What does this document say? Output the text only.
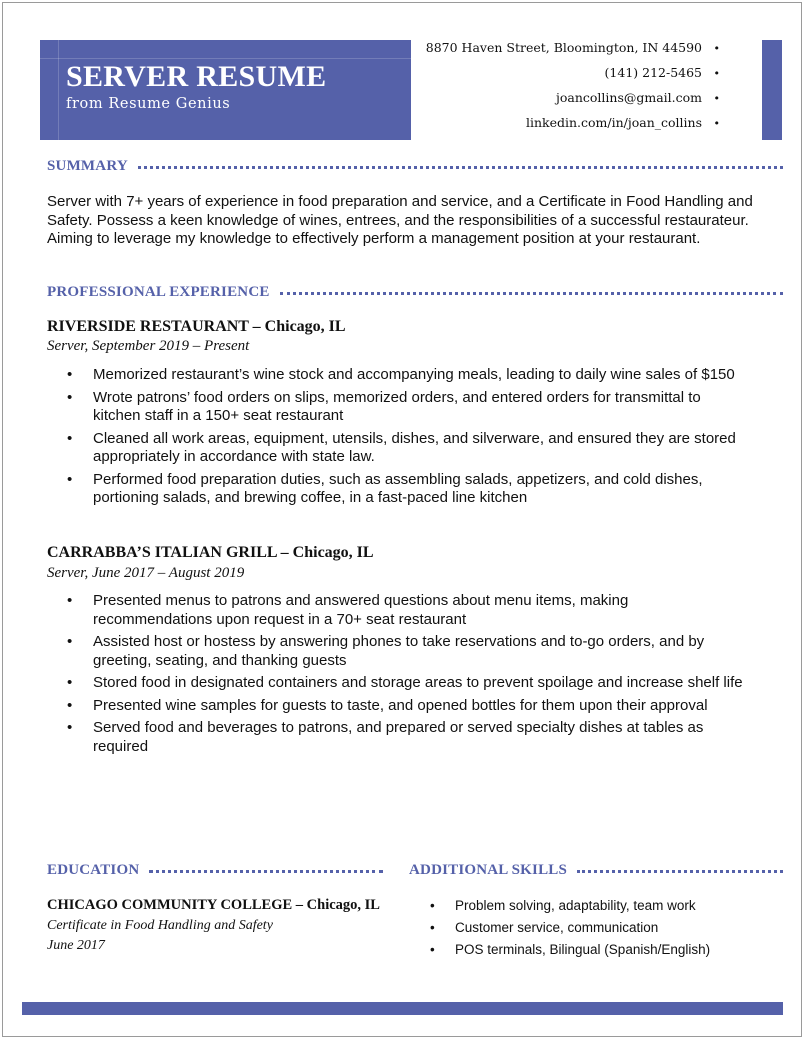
SERVER RESUME
from Resume Genius
8870 Haven Street, Bloomington, IN 44590 •
(141) 212-5465 •
joancollins@gmail.com •
linkedin.com/in/joan_collins •
SUMMARY
Server with 7+ years of experience in food preparation and service, and a Certificate in Food Handling and Safety. Possess a keen knowledge of wines, entrees, and the responsibilities of a successful restaurateur. Aiming to leverage my knowledge to effectively perform a management position at your restaurant.
PROFESSIONAL EXPERIENCE
RIVERSIDE RESTAURANT – Chicago, IL
Server, September 2019 – Present
• Memorized restaurant’s wine stock and accompanying meals, leading to daily wine sales of $150
• Wrote patrons’ food orders on slips, memorized orders, and entered orders for transmittal to kitchen staff in a 150+ seat restaurant
• Cleaned all work areas, equipment, utensils, dishes, and silverware, and ensured they are stored appropriately in accordance with state law.
• Performed food preparation duties, such as assembling salads, appetizers, and cold dishes, portioning salads, and brewing coffee, in a fast-paced line kitchen
CARRABBA’S ITALIAN GRILL – Chicago, IL
Server, June 2017 – August 2019
• Presented menus to patrons and answered questions about menu items, making recommendations upon request in a 70+ seat restaurant
• Assisted host or hostess by answering phones to take reservations and to-go orders, and by greeting, seating, and thanking guests
• Stored food in designated containers and storage areas to prevent spoilage and increase shelf life
• Presented wine samples for guests to taste, and opened bottles for them upon their approval
• Served food and beverages to patrons, and prepared or served specialty dishes at tables as required
EDUCATION
CHICAGO COMMUNITY COLLEGE – Chicago, IL
Certificate in Food Handling and Safety
June 2017
ADDITIONAL SKILLS
• Problem solving, adaptability, team work
• Customer service, communication
• POS terminals, Bilingual (Spanish/English)
